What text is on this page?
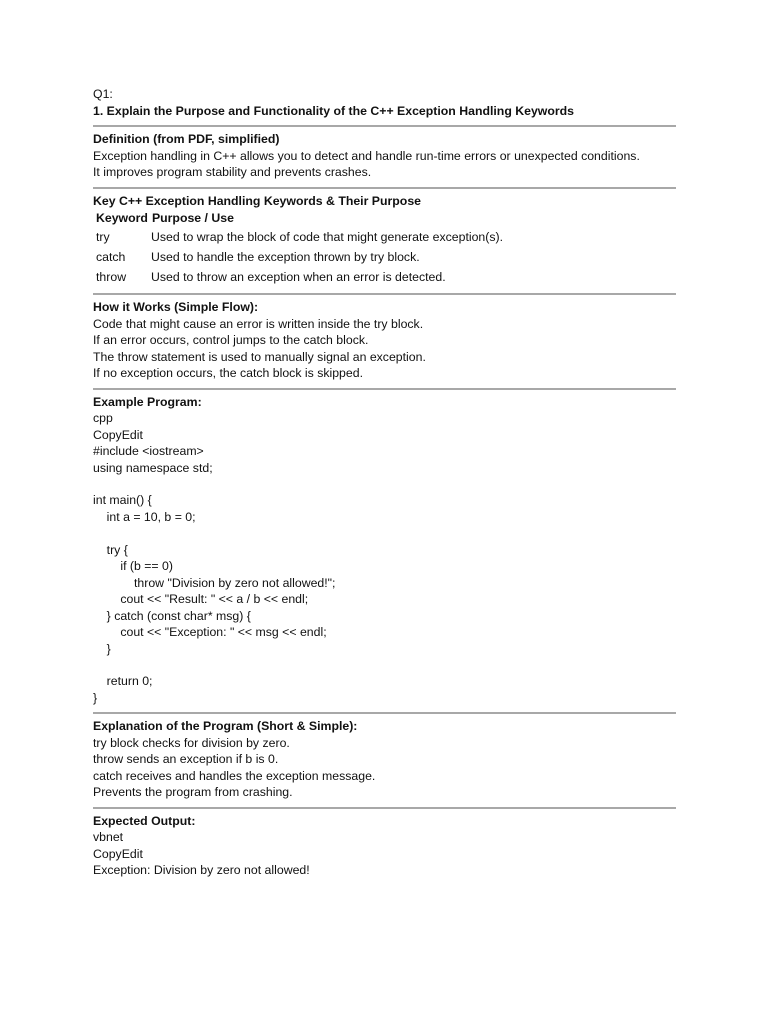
Q1:
1. Explain the Purpose and Functionality of the C++ Exception Handling Keywords
Definition (from PDF, simplified)
Exception handling in C++ allows you to detect and handle run-time errors or unexpected conditions.
It improves program stability and prevents crashes.
Key C++ Exception Handling Keywords & Their Purpose
Keyword Purpose / Use
try	Used to wrap the block of code that might generate exception(s).
catch	Used to handle the exception thrown by try block.
throw	Used to throw an exception when an error is detected.
How it Works (Simple Flow):
Code that might cause an error is written inside the try block.
If an error occurs, control jumps to the catch block.
The throw statement is used to manually signal an exception.
If no exception occurs, the catch block is skipped.
Example Program:
cpp
CopyEdit
#include <iostream>
using namespace std;
int main() {
int a = 10, b = 0;
try {
if (b == 0)
throw "Division by zero not allowed!";
cout << "Result: " << a / b << endl;
} catch (const char* msg) {
cout << "Exception: " << msg << endl;
}
return 0;
}
Explanation of the Program (Short & Simple):
try block checks for division by zero.
throw sends an exception if b is 0.
catch receives and handles the exception message.
Prevents the program from crashing.
Expected Output:
vbnet
CopyEdit
Exception: Division by zero not allowed!
